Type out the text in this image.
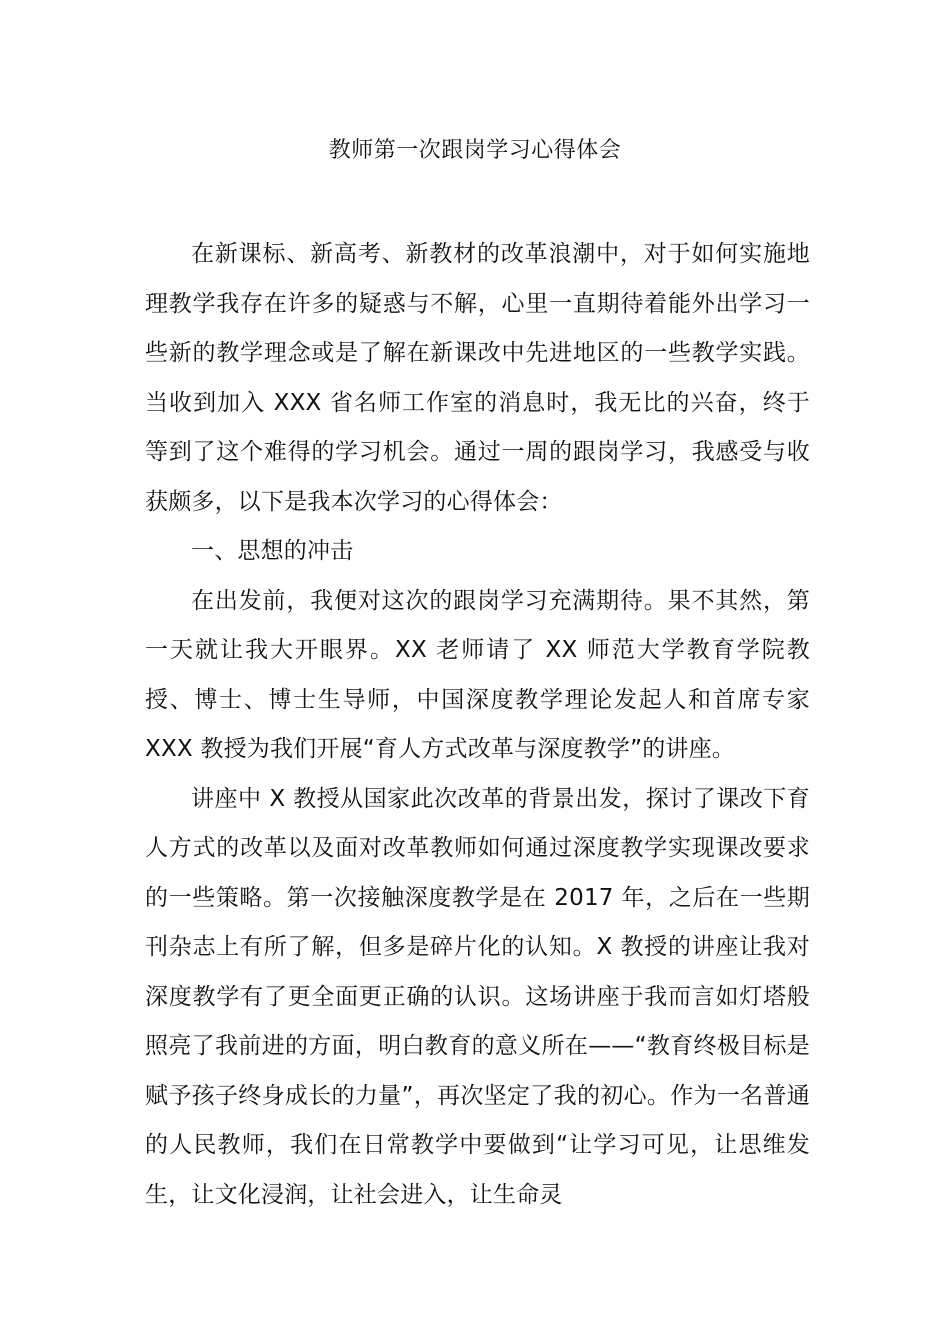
教师第一次跟岗学习心得体会

在新课标、新高考、新教材的改革浪潮中，对于如何实施地理教学我存在许多的疑惑与不解，心里一直期待着能外出学习一些新的教学理念或是了解在新课改中先进地区的一些教学实践。当收到加入 XXX 省名师工作室的消息时，我无比的兴奋，终于等到了这个难得的学习机会。通过一周的跟岗学习，我感受与收获颇多，以下是我本次学习的心得体会：

一、思想的冲击

在出发前，我便对这次的跟岗学习充满期待。果不其然，第一天就让我大开眼界。XX 老师请了 XX 师范大学教育学院教授、博士、博士生导师，中国深度教学理论发起人和首席专家 XXX 教授为我们开展“育人方式改革与深度教学”的讲座。

讲座中 X 教授从国家此次改革的背景出发，探讨了课改下育人方式的改革以及面对改革教师如何通过深度教学实现课改要求的一些策略。第一次接触深度教学是在 2017 年，之后在一些期刊杂志上有所了解，但多是碎片化的认知。X 教授的讲座让我对深度教学有了更全面更正确的认识。这场讲座于我而言如灯塔般照亮了我前进的方面，明白教育的意义所在——“教育终极目标是赋予孩子终身成长的力量”，再次坚定了我的初心。作为一名普通的人民教师，我们在日常教学中要做到“让学习可见，让思维发生，让文化浸润，让社会进入，让生命灵
